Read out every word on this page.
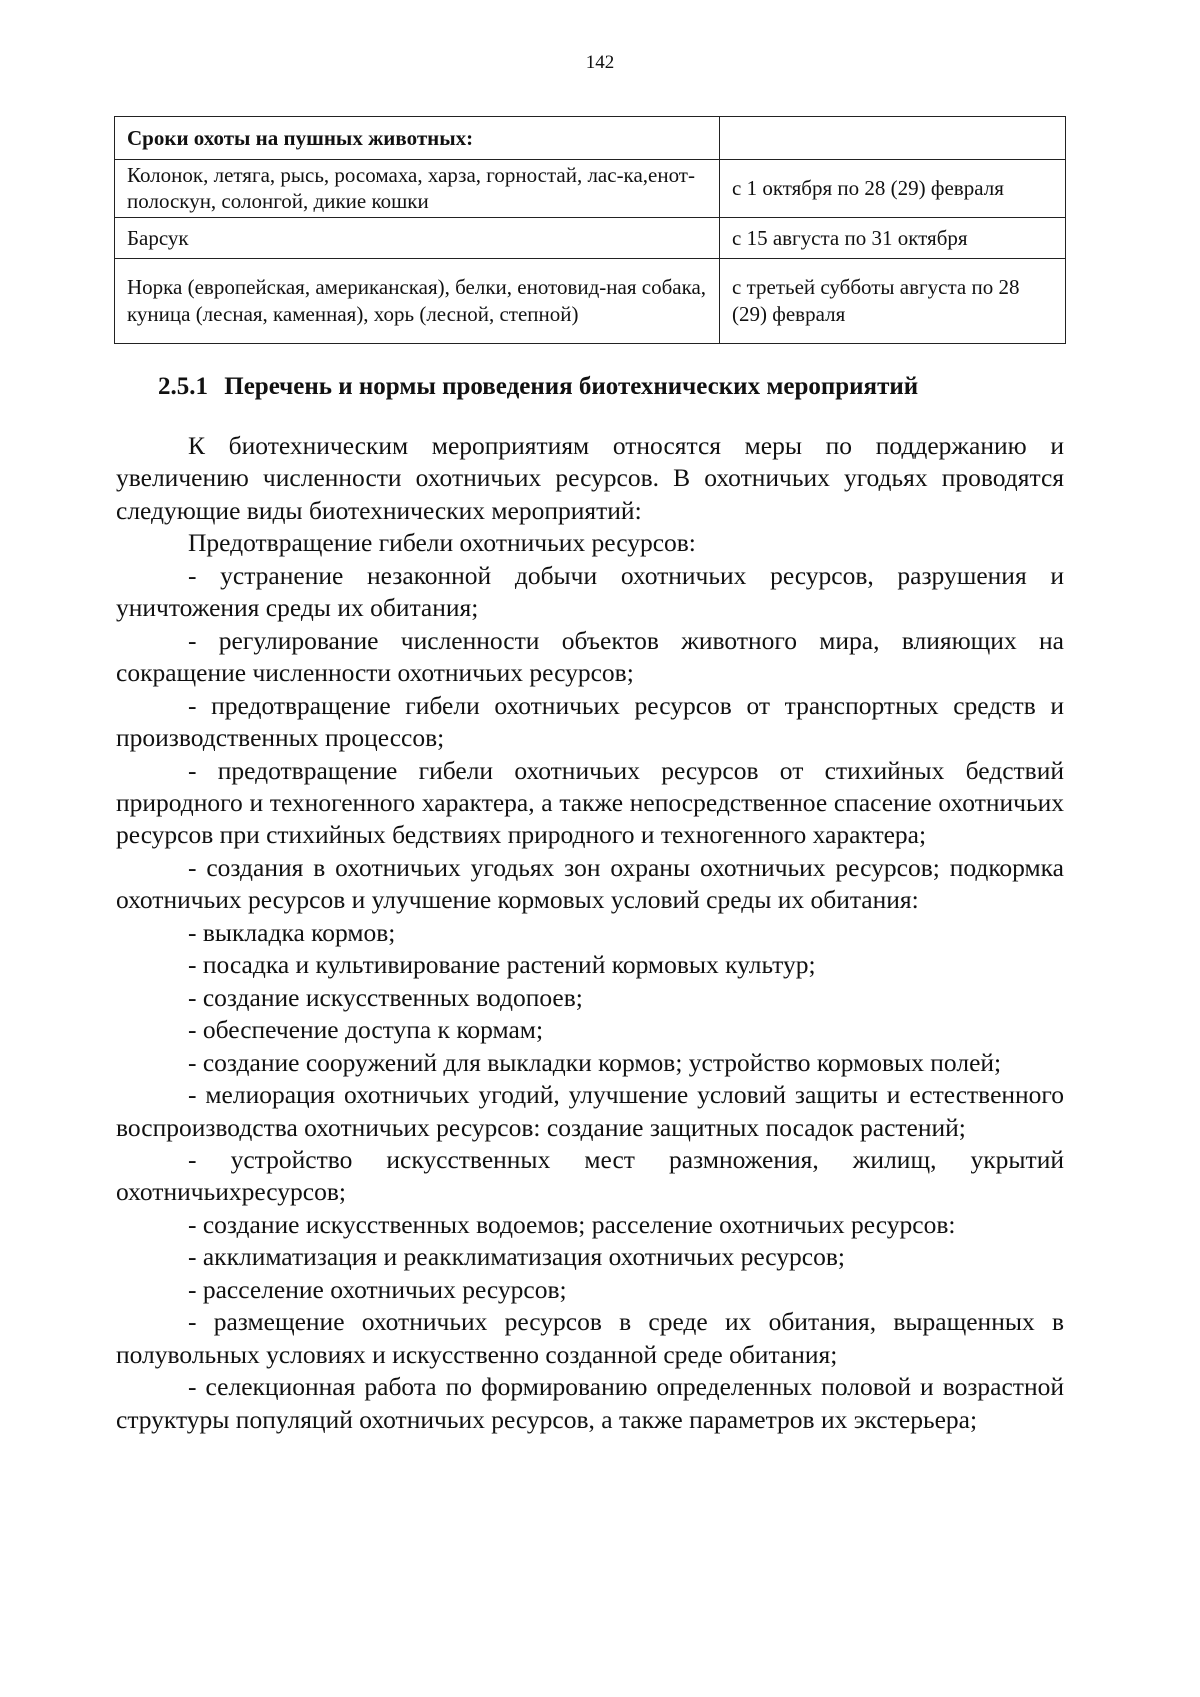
142
Сроки охоты на пушных животных:	
Колонок, летяга, рысь, росомаха, харза, горностай, лас-ка,енот-полоскун, солонгой, дикие кошки	с 1 октября по 28 (29) февраля
Барсук	с 15 августа по 31 октября
Норка (европейская, американская), белки, енотовид-ная собака, куница (лесная, каменная), хорь (лесной, степной)	с третьей субботы августа по 28 (29) февраля
2.5.1 Перечень и нормы проведения биотехнических мероприятий

К биотехническим мероприятиям относятся меры по поддержанию и увеличению численности охотничьих ресурсов. В охотничьих угодьях проводятся следующие виды биотехнических мероприятий:

Предотвращение гибели охотничьих ресурсов:

- устранение незаконной добычи охотничьих ресурсов, разрушения и уничтожения среды их обитания;

- регулирование численности объектов животного мира, влияющих на сокращение численности охотничьих ресурсов;

- предотвращение гибели охотничьих ресурсов от транспортных средств и производственных процессов;

- предотвращение гибели охотничьих ресурсов от стихийных бедствий природного и техногенного характера, а также непосредственное спасение охотничьих ресурсов при стихийных бедствиях природного и техногенного характера;

- создания в охотничьих угодьях зон охраны охотничьих ресурсов; подкормка охотничьих ресурсов и улучшение кормовых условий среды их обитания:

- выкладка кормов;

- посадка и культивирование растений кормовых культур;

- создание искусственных водопоев;

- обеспечение доступа к кормам;

- создание сооружений для выкладки кормов; устройство кормовых полей;

- мелиорация охотничьих угодий, улучшение условий защиты и естественного воспроизводства охотничьих ресурсов: создание защитных посадок растений;

- устройство искусственных мест размножения, жилищ, укрытий охотничьихресурсов;

- создание искусственных водоемов; расселение охотничьих ресурсов:

- акклиматизация и реакклиматизация охотничьих ресурсов;

- расселение охотничьих ресурсов;

- размещение охотничьих ресурсов в среде их обитания, выращенных в полувольных условиях и искусственно созданной среде обитания;

- селекционная работа по формированию определенных половой и возрастной структуры популяций охотничьих ресурсов, а также параметров их экстерьера;
